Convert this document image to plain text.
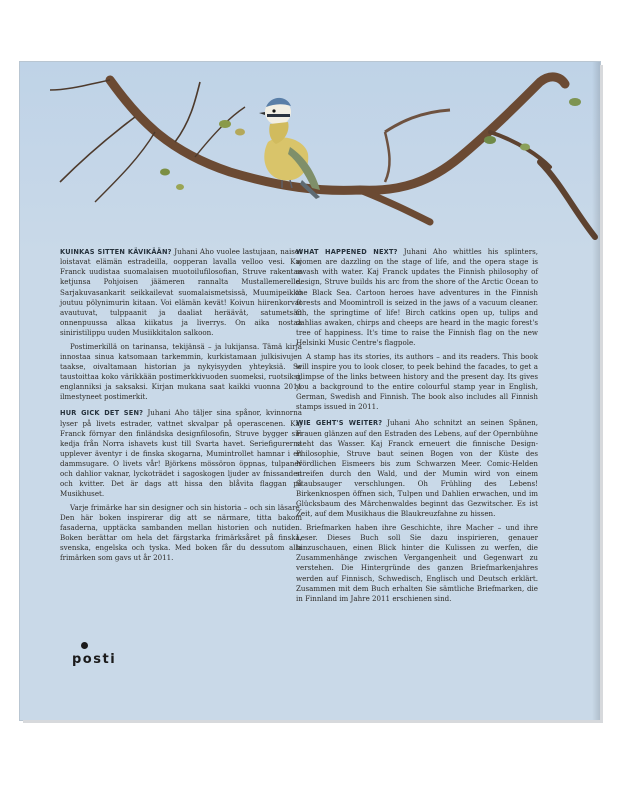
KUINKAS SITTEN KÄVIKÄÄN? Juhani Aho vuolee lastujaan, naiset loistavat elämän estradeilla, oopperan lavalla velloo vesi. Kaj Franck uudistaa suomalaisen muotoilufilosofian, Struve rakentaa ketjunsa Pohjoisen jäämeren rannalta Mustallemerelle. Sarjakuvasankarit seikkailevat suomalaismetsissä, Muumipeikko joutuu pölynimurin kitaan. Voi elämän kevät! Koivun hiirenkorvat avautuvat, tulppaanit ja daaliat heräävät, satumetsän onnenpuussa alkaa kiikatus ja liverrys. On aika nostaa siniristilippu uuden Musiikkitalon salkoon.

Postimerkillä on tarinansa, tekijänsä – ja lukijansa. Tämä kirja innostaa sinua katsomaan tarkemmin, kurkistamaan julkisivujen taakse, oivaltamaan historian ja nykyisyyden yhteyksiä. Se taustoittaa koko värikkään postimerkkivuoden suomeksi, ruotsiksi, englanniksi ja saksaksi. Kirjan mukana saat kaikki vuonna 2011 ilmestyneet postimerkit.

HUR GICK DET SEN? Juhani Aho täljer sina spånor, kvinnorna lyser på livets estrader, vattnet skvalpar på operascenen. Kaj Franck förnyar den finländska designfilosofin, Struve bygger sin kedja från Norra ishavets kust till Svarta havet. Seriefigurerna upplever äventyr i de finska skogarna, Mumintrollet hamnar i en dammsugare. O livets vår! Björkens mössöron öppnas, tulpaner och dahlior vaknar, lyckoträdet i sagoskogen ljuder av fnissanden och kvitter. Det är dags att hissa den blåvita flaggan på Musikhuset.

Varje frimärke har sin designer och sin historia – och sin läsare. Den här boken inspirerar dig att se närmare, titta bakom fasaderna, upptäcka sambanden mellan historien och nutiden. Boken berättar om hela det färgstarka frimärksåret på finska, svenska, engelska och tyska. Med boken får du dessutom alla frimärken som gavs ut år 2011.

WHAT HAPPENED NEXT? Juhani Aho whittles his splinters, women are dazzling on the stage of life, and the opera stage is awash with water. Kaj Franck updates the Finnish philosophy of design, Struve builds his arc from the shore of the Arctic Ocean to the Black Sea. Cartoon heroes have adventures in the Finnish forests and Moomintroll is seized in the jaws of a vacuum cleaner. Oh, the springtime of life! Birch catkins open up, tulips and dahlias awaken, chirps and cheeps are heard in the magic forest's tree of happiness. It's time to raise the Finnish flag on the new Helsinki Music Centre's flagpole.

A stamp has its stories, its authors – and its readers. This book will inspire you to look closer, to peek behind the facades, to get a glimpse of the links between history and the present day. Its gives you a background to the entire colourful stamp year in English, German, Swedish and Finnish. The book also includes all Finnish stamps issued in 2011.

WIE GEHT'S WEITER? Juhani Aho schnitzt an seinen Spänen, Frauen glänzen auf den Estraden des Lebens, auf der Opernbühne steht das Wasser. Kaj Franck erneuert die finnische Design-Philosophie, Struve baut seinen Bogen von der Küste des Nördlichen Eismeers bis zum Schwarzen Meer. Comic-Helden streifen durch den Wald, und der Mumin wird von einem Staubsauger verschlungen. Oh Frühling des Lebens! Birkenknospen öffnen sich, Tulpen und Dahlien erwachen, und im Glücksbaum des Märchenwaldes beginnt das Gezwitscher. Es ist Zeit, auf dem Musikhaus die Blaukreuzfahne zu hissen.

Briefmarken haben ihre Geschichte, ihre Macher – und ihre Leser. Dieses Buch soll Sie dazu inspirieren, genauer hinzuschauen, einen Blick hinter die Kulissen zu werfen, die Zusammenhänge zwischen Vergangenheit und Gegenwart zu verstehen. Die Hintergründe des ganzen Briefmarkenjahres werden auf Finnisch, Schwedisch, Englisch und Deutsch erklärt. Zusammen mit dem Buch erhalten Sie sämtliche Briefmarken, die in Finnland im Jahre 2011 erschienen sind.

posti
